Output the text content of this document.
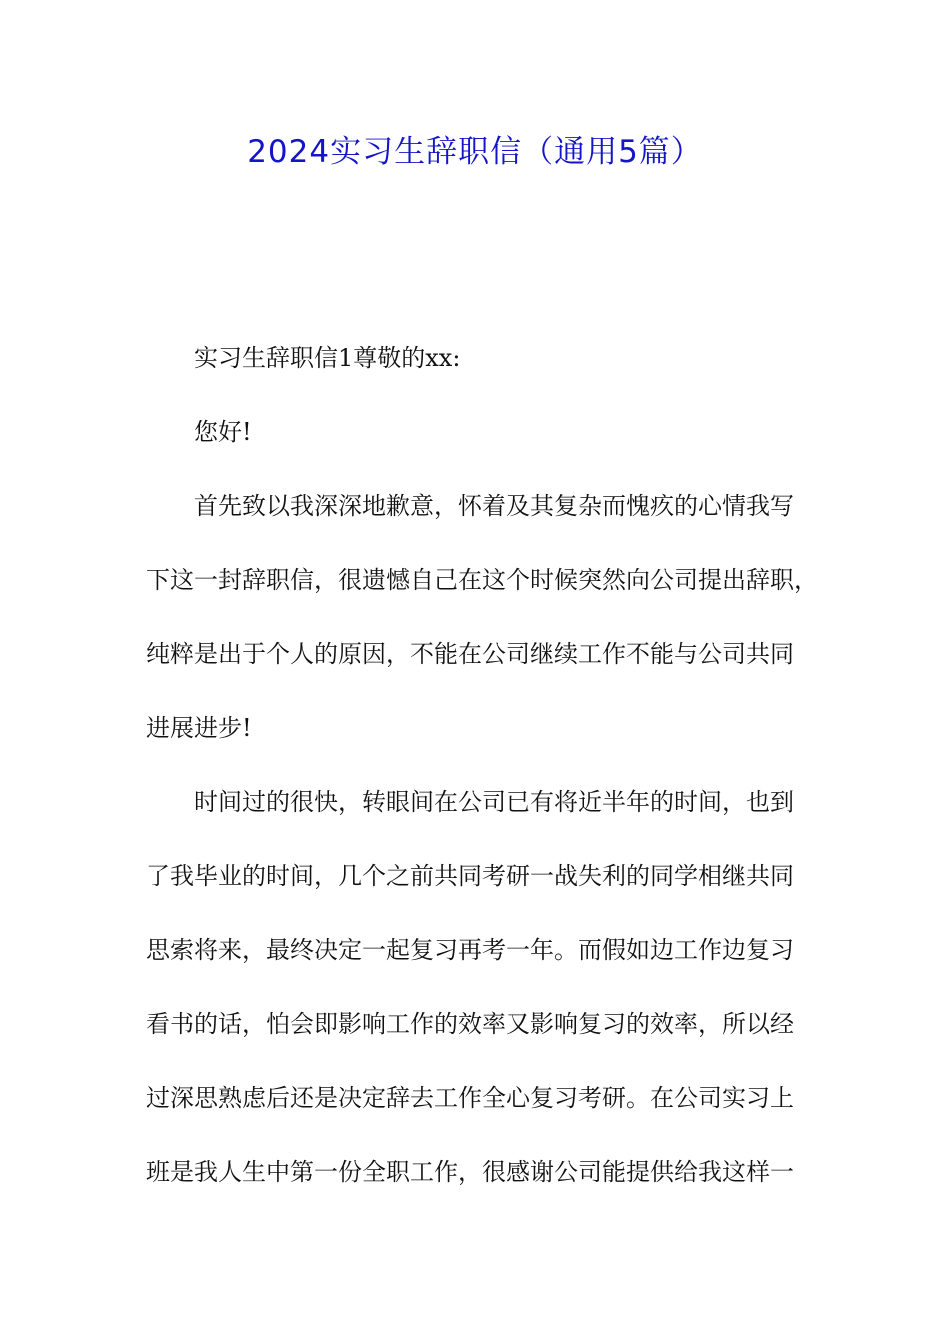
2024实习生辞职信（通用5篇）
实习生辞职信1尊敬的xx:
您好!
首先致以我深深地歉意，怀着及其复杂而愧疚的心情我写
下这一封辞职信，很遗憾自己在这个时候突然向公司提出辞职，
纯粹是出于个人的原因，不能在公司继续工作不能与公司共同
进展进步!
时间过的很快，转眼间在公司已有将近半年的时间，也到
了我毕业的时间，几个之前共同考研一战失利的同学相继共同
思索将来，最终决定一起复习再考一年。而假如边工作边复习
看书的话，怕会即影响工作的效率又影响复习的效率，所以经
过深思熟虑后还是决定辞去工作全心复习考研。在公司实习上
班是我人生中第一份全职工作，很感谢公司能提供给我这样一
